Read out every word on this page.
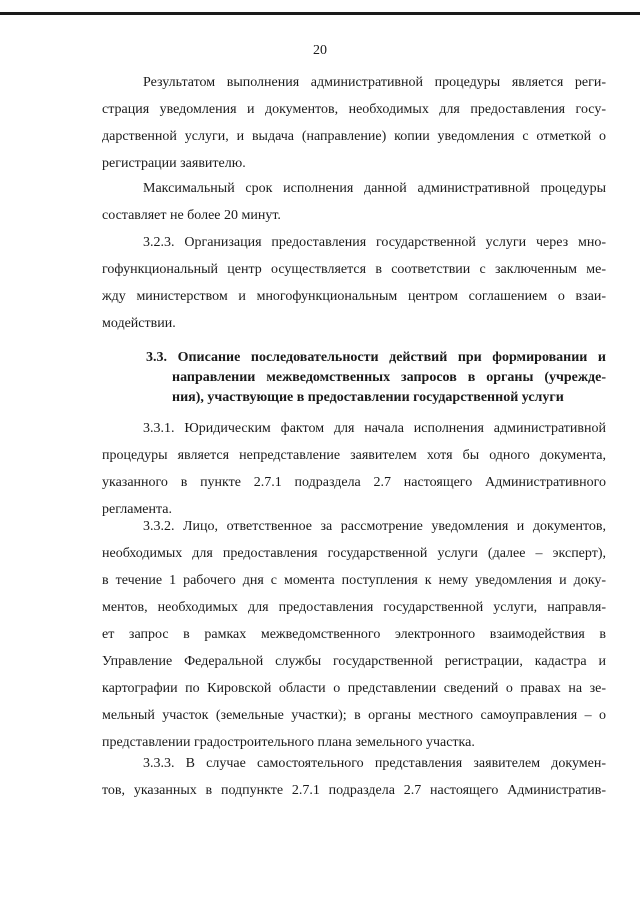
20
Результатом выполнения административной процедуры является реги-
страция уведомления и документов, необходимых для предоставления госу-
дарственной услуги, и выдача (направление) копии уведомления с отметкой о
регистрации заявителю.
Максимальный срок исполнения данной административной процедуры
составляет не более 20 минут.
3.2.3. Организация предоставления государственной услуги через мно-
гофункциональный центр осуществляется в соответствии с заключенным ме-
жду министерством и многофункциональным центром соглашением о взаи-
модействии.
3.3. Описание последовательности действий при формировании и
направлении межведомственных запросов в органы (учрежде-
ния), участвующие в предоставлении государственной услуги
3.3.1. Юридическим фактом для начала исполнения административной
процедуры является непредставление заявителем хотя бы одного документа,
указанного в пункте 2.7.1 подраздела 2.7 настоящего Административного
регламента.
3.3.2. Лицо, ответственное за рассмотрение уведомления и документов,
необходимых для предоставления государственной услуги (далее – эксперт),
в течение 1 рабочего дня с момента поступления к нему уведомления и доку-
ментов, необходимых для предоставления государственной услуги, направля-
ет запрос в рамках межведомственного электронного взаимодействия в
Управление Федеральной службы государственной регистрации, кадастра и
картографии по Кировской области о представлении сведений о правах на зе-
мельный участок (земельные участки); в органы местного самоуправления – о
представлении градостроительного плана земельного участка.
3.3.3. В случае самостоятельного представления заявителем докумен-
тов, указанных в подпункте 2.7.1 подраздела 2.7 настоящего Административ-
